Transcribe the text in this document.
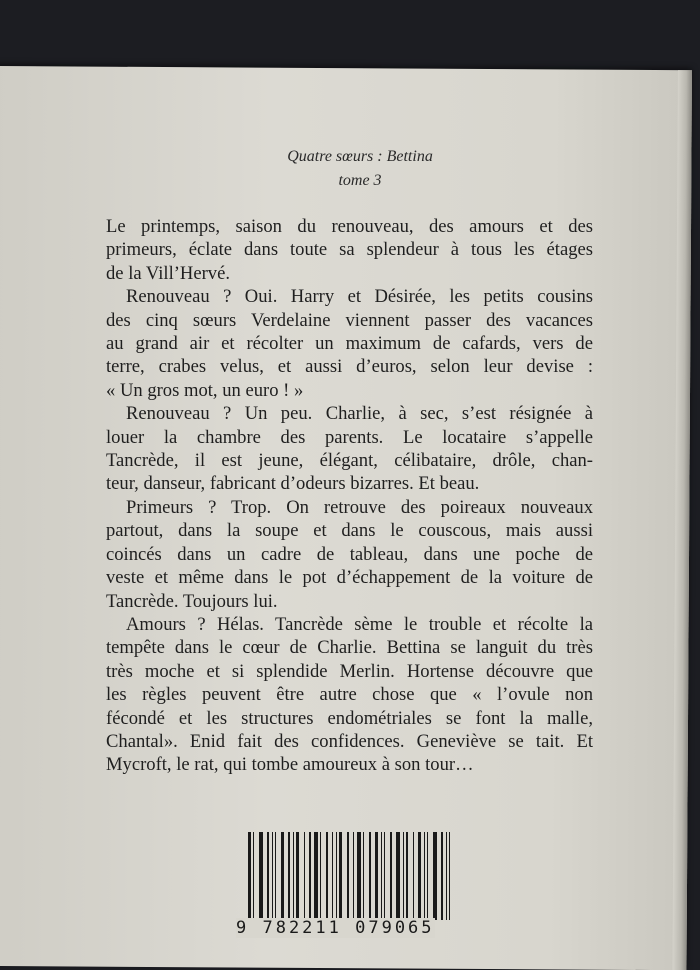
Quatre sœurs : Bettina
tome 3
Le printemps, saison du renouveau, des amours et des
primeurs, éclate dans toute sa splendeur à tous les étages
de la Vill’Hervé.
Renouveau ? Oui. Harry et Désirée, les petits cousins
des cinq sœurs Verdelaine viennent passer des vacances
au grand air et récolter un maximum de cafards, vers de
terre, crabes velus, et aussi d’euros, selon leur devise :
« Un gros mot, un euro ! »
Renouveau ? Un peu. Charlie, à sec, s’est résignée à
louer la chambre des parents. Le locataire s’appelle
Tancrède, il est jeune, élégant, célibataire, drôle, chan-
teur, danseur, fabricant d’odeurs bizarres. Et beau.
Primeurs ? Trop. On retrouve des poireaux nouveaux
partout, dans la soupe et dans le couscous, mais aussi
coincés dans un cadre de tableau, dans une poche de
veste et même dans le pot d’échappement de la voiture de
Tancrède. Toujours lui.
Amours ? Hélas. Tancrède sème le trouble et récolte la
tempête dans le cœur de Charlie. Bettina se languit du très
très moche et si splendide Merlin. Hortense découvre que
les règles peuvent être autre chose que « l’ovule non
fécondé et les structures endométriales se font la malle,
Chantal». Enid fait des confidences. Geneviève se tait. Et
Mycroft, le rat, qui tombe amoureux à son tour…
9 782211 079065
